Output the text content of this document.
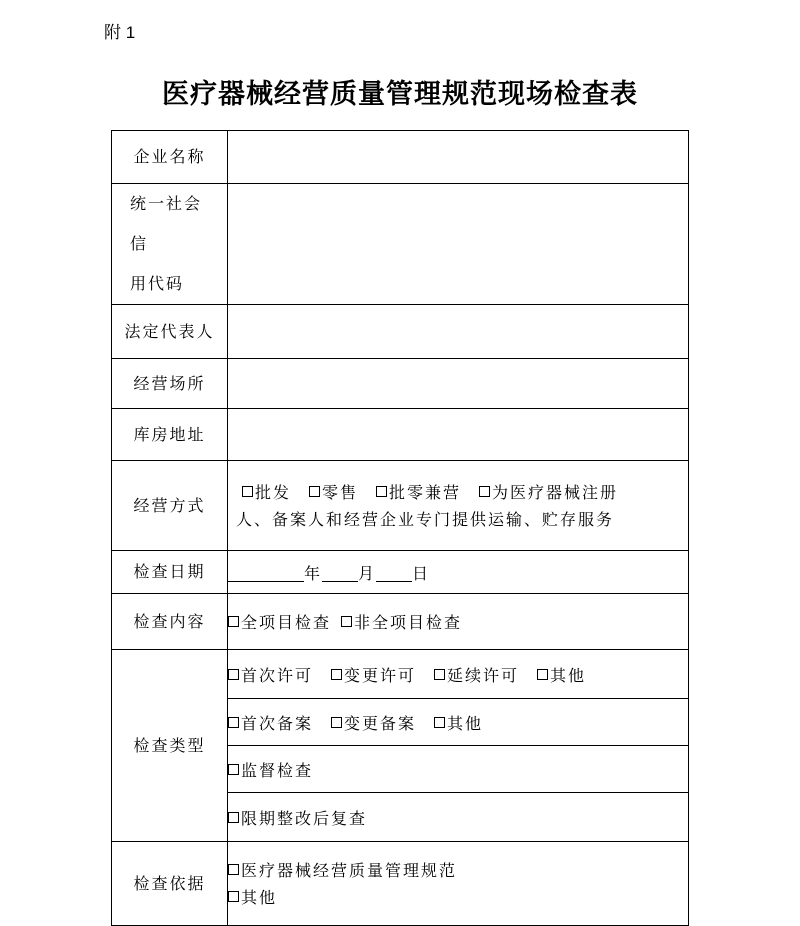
附 1
医疗器械经营质量管理规范现场检查表
企业名称	

统一社会信
用代码	

法定代表人	
经营场所	
库房地址	
经营方式	批发 零售 批零兼营 为医疗器械注册
人、备案人和经营企业专门提供运输、贮存服务

检查日期	年 月 日
检查内容	全项目检查 非全项目检查
检查类型	首次许可 变更许可 延续许可 其他
	首次备案 变更备案 其他
	监督检查
	限期整改后复查
检查依据	医疗器械经营质量管理规范
其他
